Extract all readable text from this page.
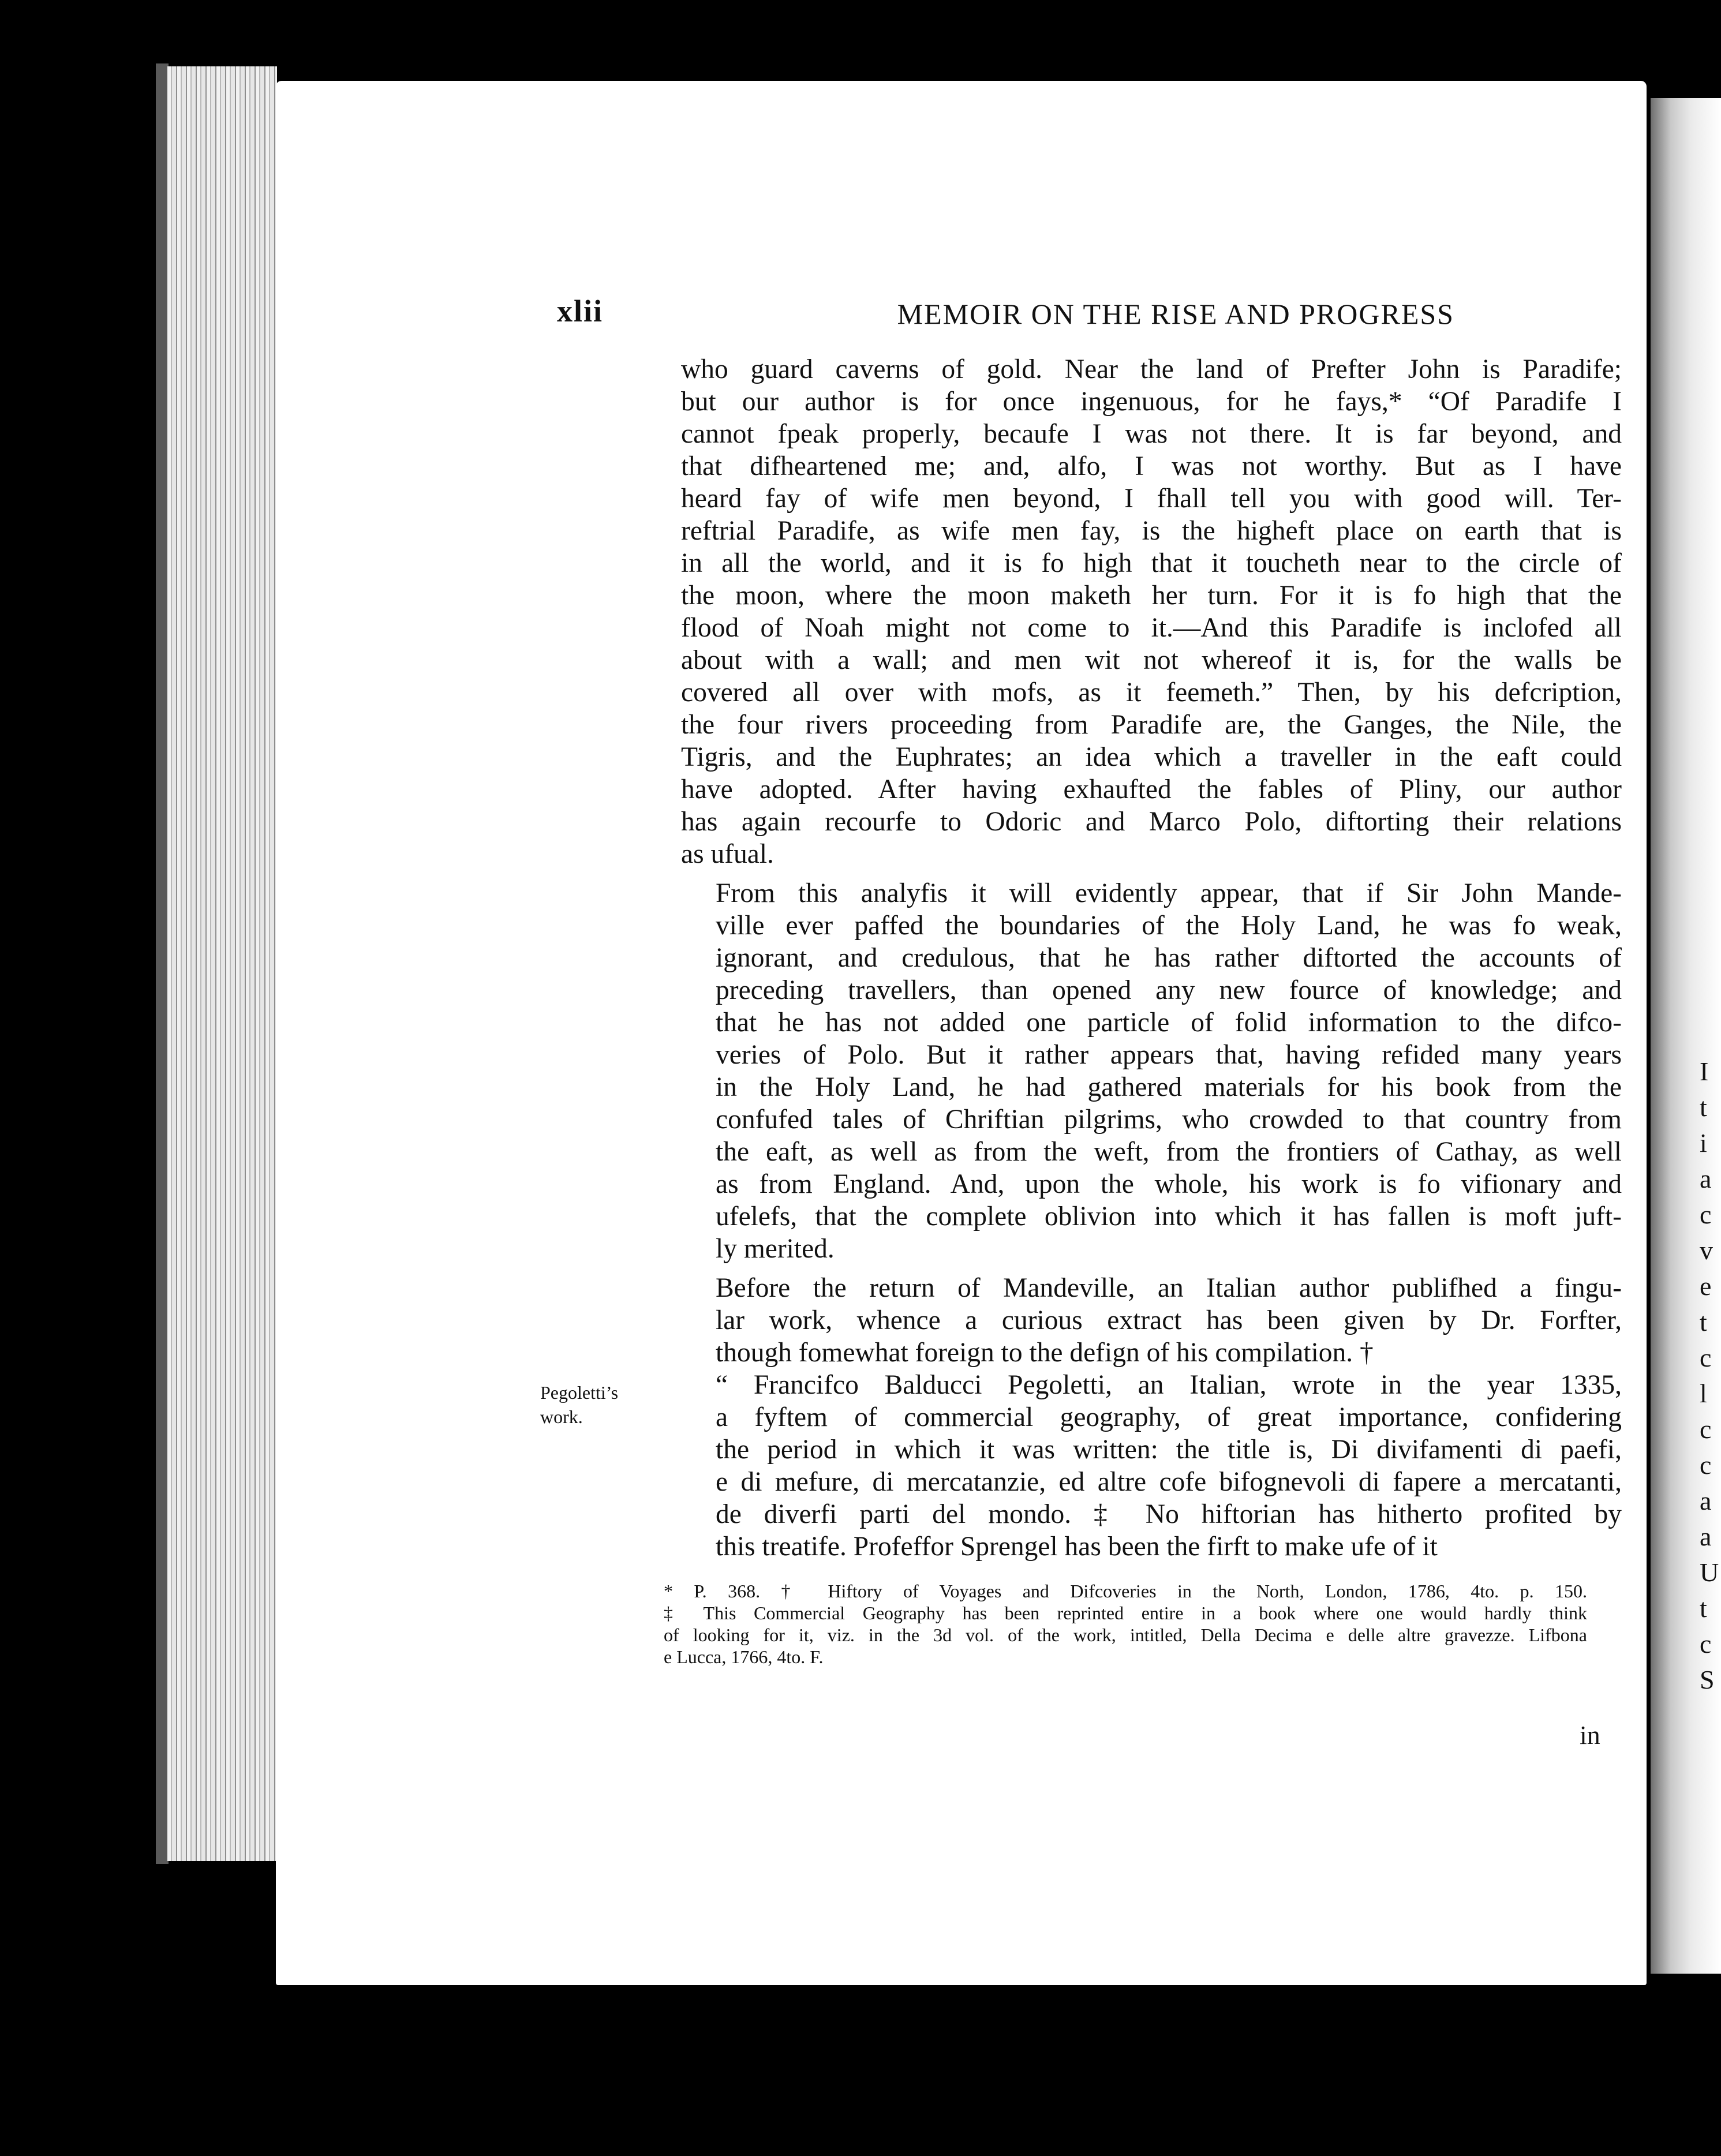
I
t
i
a
c
v
e
t
c
l
c
c
a
a
U
t
c
S
xlii	MEMOIR ON THE RISE AND PROGRESS

who guard caverns of gold. Near the land of Prefter John is Paradife;
but our author is for once ingenuous, for he fays,* “Of Paradife I
cannot fpeak properly, becaufe I was not there. It is far beyond, and
that difheartened me; and, alfo, I was not worthy. But as I have
heard fay of wife men beyond, I fhall tell you with good will. Ter-
reftrial Paradife, as wife men fay, is the higheft place on earth that is
in all the world, and it is fo high that it toucheth near to the circle of
the moon, where the moon maketh her turn. For it is fo high that the
flood of Noah might not come to it.—And this Paradife is inclofed all
about with a wall; and men wit not whereof it is, for the walls be
covered all over with mofs, as it feemeth.” Then, by his defcription,
the four rivers proceeding from Paradife are, the Ganges, the Nile, the
Tigris, and the Euphrates; an idea which a traveller in the eaft could
have adopted. After having exhaufted the fables of Pliny, our author
has again recourfe to Odoric and Marco Polo, diftorting their relations
as ufual.

From this analyfis it will evidently appear, that if Sir John Mande-
ville ever paffed the boundaries of the Holy Land, he was fo weak,
ignorant, and credulous, that he has rather diftorted the accounts of
preceding travellers, than opened any new fource of knowledge; and
that he has not added one particle of folid information to the difco-
veries of Polo. But it rather appears that, having refided many years
in the Holy Land, he had gathered materials for his book from the
confufed tales of Chriftian pilgrims, who crowded to that country from
the eaft, as well as from the weft, from the frontiers of Cathay, as well
as from England. And, upon the whole, his work is fo vifionary and
ufelefs, that the complete oblivion into which it has fallen is moft juft-
ly merited.

Before the return of Mandeville, an Italian author publifhed a fingu-
lar work, whence a curious extract has been given by Dr. Forfter,
though fomewhat foreign to the defign of his compilation. †

“ Francifco Balducci Pegoletti, an Italian, wrote in the year 1335,
a fyftem of commercial geography, of great importance, confidering
the period in which it was written: the title is, Di divifamenti di paefi,
e di mefure, di mercatanzie, ed altre cofe bifognevoli di fapere a mercatanti,
de diverfi parti del mondo. ‡ No hiftorian has hitherto profited by
this treatife. Profeffor Sprengel has been the firft to make ufe of it

Pegoletti’s
work.
* P. 368. † Hiftory of Voyages and Difcoveries in the North, London, 1786, 4to. p. 150.
‡ This Commercial Geography has been reprinted entire in a book where one would hardly think
of looking for it, viz. in the 3d vol. of the work, intitled, Della Decima e delle altre gravezze. Lifbona
e Lucca, 1766, 4to. F.
in
